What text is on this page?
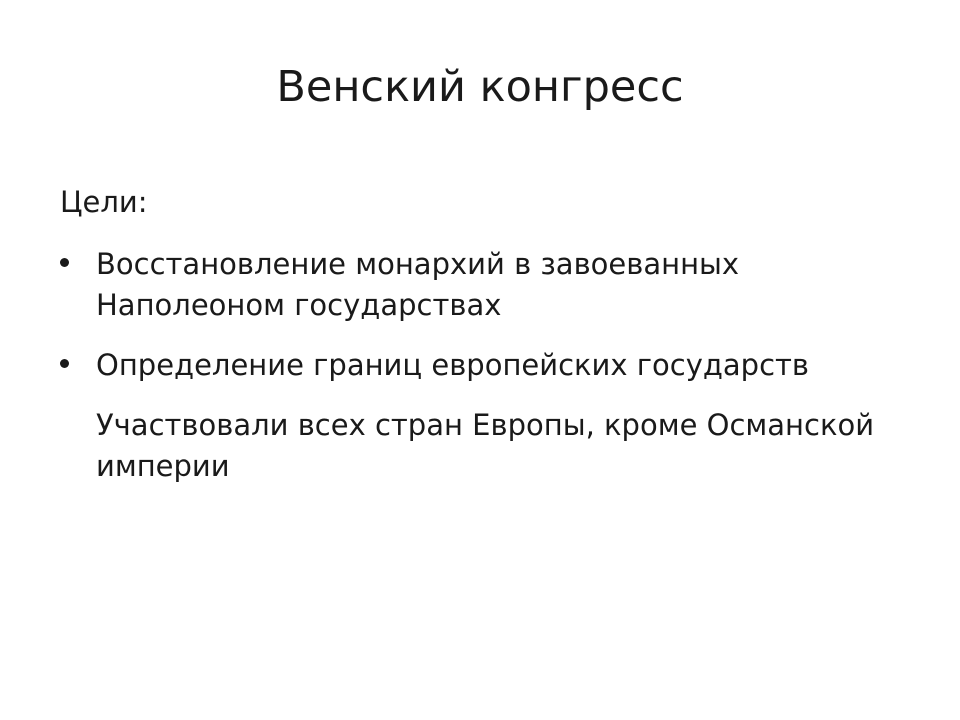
Венский конгресс

Цели:

Восстановление монархий в завоеванных Наполеоном государствах
Определение границ европейских государств

Участвовали всех стран Европы, кроме Османской империи
